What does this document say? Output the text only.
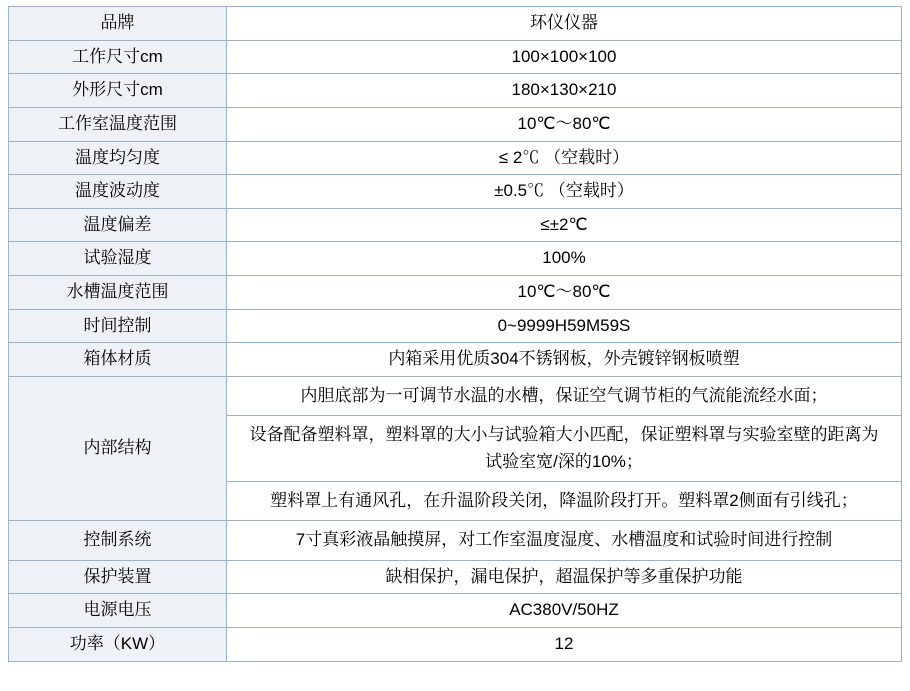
品牌	环仪仪器
工作尺寸cm	100×100×100
外形尺寸cm	180×130×210
工作室温度范围	10℃～80℃
温度均匀度	≤ 2℃ （空载时）
温度波动度	±0.5℃ （空载时）
温度偏差	≤±2℃
试验湿度	100%
水槽温度范围	10℃～80℃
时间控制	0~9999H59M59S
箱体材质	内箱采用优质304不锈钢板，外壳镀锌钢板喷塑
内部结构	内胆底部为一可调节水温的水槽，保证空气调节柜的气流能流经水面；
	设备配备塑料罩，塑料罩的大小与试验箱大小匹配，保证塑料罩与实验室壁的距离为试验室宽/深的10%；
	塑料罩上有通风孔，在升温阶段关闭，降温阶段打开。塑料罩2侧面有引线孔；
控制系统	7寸真彩液晶触摸屏，对工作室温度湿度、水槽温度和试验时间进行控制
保护装置	缺相保护，漏电保护，超温保护等多重保护功能
电源电压	AC380V/50HZ
功率（KW）	12
